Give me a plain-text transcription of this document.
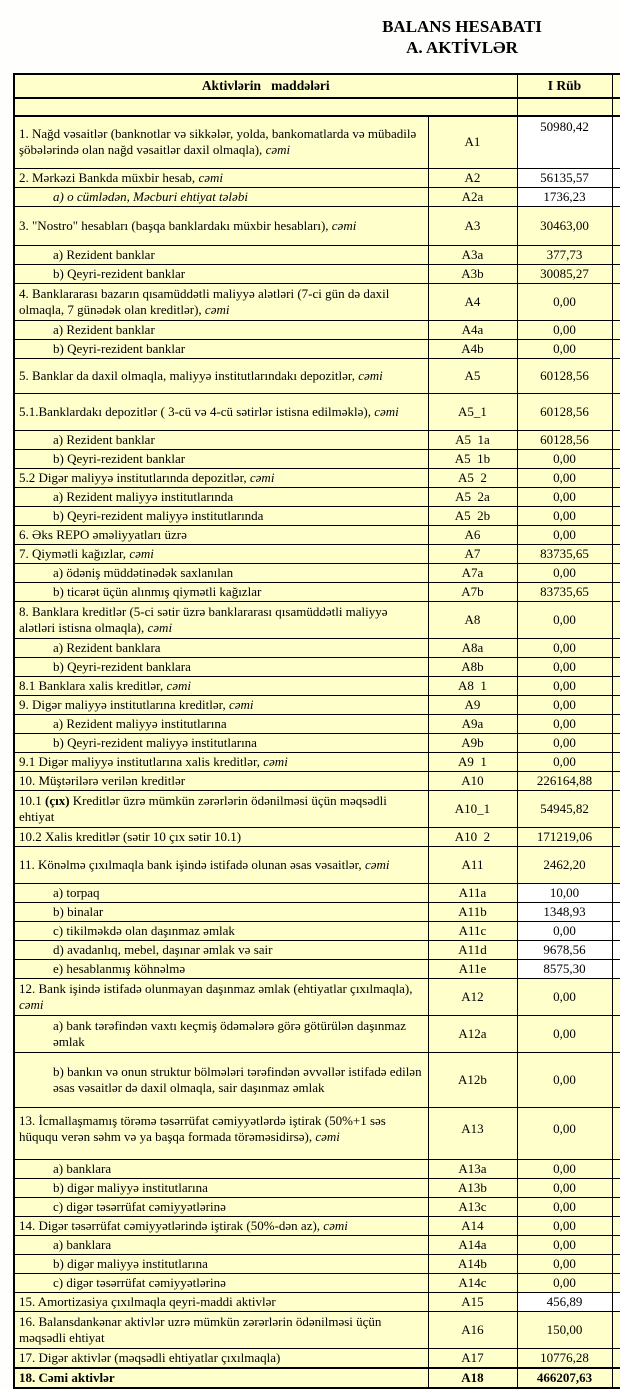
BALANS HESABATI
A. AKTİVLƏR
Aktivlərin   maddələri		I Rüb	

1. Nağd vəsaitlər (banknotlar və sikkələr, yolda, bankomatlarda və mübadilə şöbələrində olan nağd vəsaitlər daxil olmaqla), cəmi	A1	50980,42	
2. Mərkəzi Bankda müxbir hesab, cəmi	A2	56135,57	
a) o cümlədən, Məcburi ehtiyat tələbi	A2a	1736,23	
3. "Nostro" hesabları (başqa banklardakı müxbir hesabları), cəmi	A3	30463,00	
a) Rezident banklar	A3a	377,73	
b) Qeyri-rezident banklar	A3b	30085,27	
4. Banklararası bazarın qısamüddətli maliyyə alətləri (7-ci gün də daxil olmaqla, 7 günədək olan kreditlər), cəmi	A4	0,00	
a) Rezident banklar	A4a	0,00	
b) Qeyri-rezident banklar	A4b	0,00	
5. Banklar da daxil olmaqla, maliyyə institutlarındakı depozitlər, cəmi	A5	60128,56	
5.1.Banklardakı depozitlər ( 3-cü və 4-cü sətirlər istisna edilməklə), cəmi	A5_1	60128,56	
a) Rezident banklar	A5  1a	60128,56	
b) Qeyri-rezident banklar	A5  1b	0,00	
5.2 Digər maliyyə institutlarında depozitlər, cəmi	A5  2	0,00	
a) Rezident maliyyə institutlarında	A5  2a	0,00	
b) Qeyri-rezident maliyyə institutlarında	A5  2b	0,00	
6. Əks REPO əməliyyatları üzrə	A6	0,00	
7. Qiymətli kağızlar, cəmi	A7	83735,65	
a) ödəniş müddətinədək saxlanılan	A7a	0,00	
b) ticarət üçün alınmış qiymətli kağızlar	A7b	83735,65	
8. Banklara kreditlər (5-ci sətir üzrə banklararası qısamüddətli maliyyə alətləri istisna olmaqla), cəmi	A8	0,00	
a) Rezident banklara	A8a	0,00	
b) Qeyri-rezident banklara	A8b	0,00	
8.1 Banklara xalis kreditlər, cəmi	A8  1	0,00	
9. Digər maliyyə institutlarına kreditlər, cəmi	A9	0,00	
a) Rezident maliyyə institutlarına	A9a	0,00	
b) Qeyri-rezident maliyyə institutlarına	A9b	0,00	
9.1 Digər maliyyə institutlarına xalis kreditlər, cəmi	A9  1	0,00	
10. Müştərilərə verilən kreditlər	A10	226164,88	
10.1 (çıx) Kreditlər üzrə mümkün zərərlərin ödənilməsi üçün məqsədli ehtiyat	A10_1	54945,82	
10.2 Xalis kreditlər (sətir 10 çıx sətir 10.1)	A10  2	171219,06	
11. Könəlmə çıxılmaqla bank işində istifadə olunan əsas vəsaitlər, cəmi	A11	2462,20	
a) torpaq	A11a	10,00	
b) binalar	A11b	1348,93	
c) tikilməkdə olan daşınmaz əmlak	A11c	0,00	
d) avadanlıq, mebel, daşınar əmlak və sair	A11d	9678,56	
e) hesablanmış köhnəlmə	A11e	8575,30	
12. Bank işində istifadə olunmayan daşınmaz əmlak (ehtiyatlar çıxılmaqla), cəmi	A12	0,00	
a) bank tərəfindən vaxtı keçmiş ödəmələrə görə götürülən daşınmaz əmlak	A12a	0,00	
b) bankın və onun struktur bölmələri tərəfindən əvvəllər istifadə edilən əsas vəsaitlər də daxil olmaqla, sair daşınmaz əmlak	A12b	0,00	
13. İcmallaşmamış törəmə təsərrüfat cəmiyyətlərdə iştirak (50%+1 səs hüququ verən səhm və ya başqa formada törəməsidirsə), cəmi	A13	0,00	
a) banklara	A13a	0,00	
b) digər maliyyə institutlarına	A13b	0,00	
c) digər təsərrüfat cəmiyyətlərinə	A13c	0,00	
14. Digər təsərrüfat cəmiyyətlərində iştirak (50%-dən az), cəmi	A14	0,00	
a) banklara	A14a	0,00	
b) digər maliyyə institutlarına	A14b	0,00	
c) digər təsərrüfat cəmiyyətlərinə	A14c	0,00	
15. Amortizasiya çıxılmaqla qeyri-maddi aktivlər	A15	456,89	
16. Balansdankənar aktivlər uzrə mümkün zərərlərin ödənilməsi üçün məqsədli ehtiyat	A16	150,00	
17. Digər aktivlər (məqsədli ehtiyatlar çıxılmaqla)	A17	10776,28	
18. Cəmi aktivlər	A18	466207,63	
